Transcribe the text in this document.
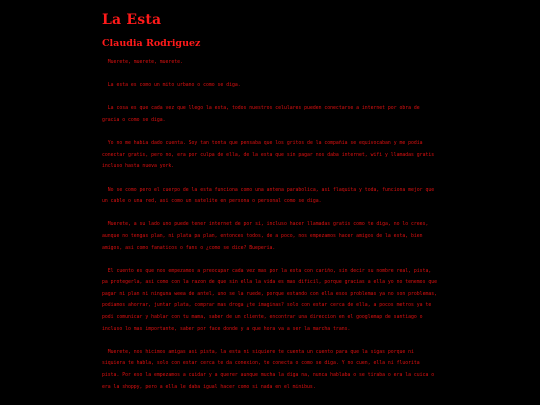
La Esta
Claudia Rodriguez

Muerete, muerete, muerete.

La esta es como un mito urbano o como se diga.

La cosa es que cada vez que llego la esta, todos nuestros celulares pueden conectarse a internet por obra de gracia o como se diga.

Yo no me habia dado cuenta. Soy tan tonta que pensaba que los gritos de la compañia se equivocaban y me podia conectar gratis, pero no, era por culpa de ella, de la esta que sin pagar nos daba internet, wifi y llamadas gratis incluso hasta nueva york.

No se como pero el cuerpo de la esta funciona como una antena parabolica, asi flaquita y toda, funciona mejor que un cable o una red, asi como un satelite en persona o personal como se diga.

Muerete, a su lado uno puede tener internet de por si, incluso hacer llamadas gratis como te diga, no lo crees, aunque no tengas plan, ni plata pa plan, entonces todos, de a poco, nos empezamos hacer amigos de la esta, bien amigos, asi como fanaticos o fans o ¿como se dice? Bueperia.

El cuento es que nos empezamos a preocupar cada vez mas por la esta con cariño, sin decir su nombre real, pista, pa protegerla, asi como con la razon de que sin ella la vida es mas dificil, porque gracias a ella yo no tenemos que pagar ni plan ni ninguna weea de antel, uno se la ruede, porque estando con ella esos problemas ya no son problemas, podiamos ahorrar, juntar plata, comprar mas droga ¿te imaginas? solo con estar cerca de ella, a pocos metros ya te podi comunicar y hablar con tu mama, saber de un cliente, encontrar una direccion en el googlemap de santiago o incluso lo mas importante, saber por face donde y a que hora va a ser la marcha trans.

Muerete, nos hicimos amigas asi pista, la esta ni siquiere te cuenta un cuento para que la sigas porque ni siquiera te habla, solo con estar cerca te da conexion, te conecta o como se diga. Y no cuen, ella ni fluorita pista. Por eso la empezamos a cuidar y a querer aunque mucha la diga na, nunca hablaba o se tiraba o era la cuica o era la shoppy, pero a ella le daba igual hacer como si nada en el minibus.
